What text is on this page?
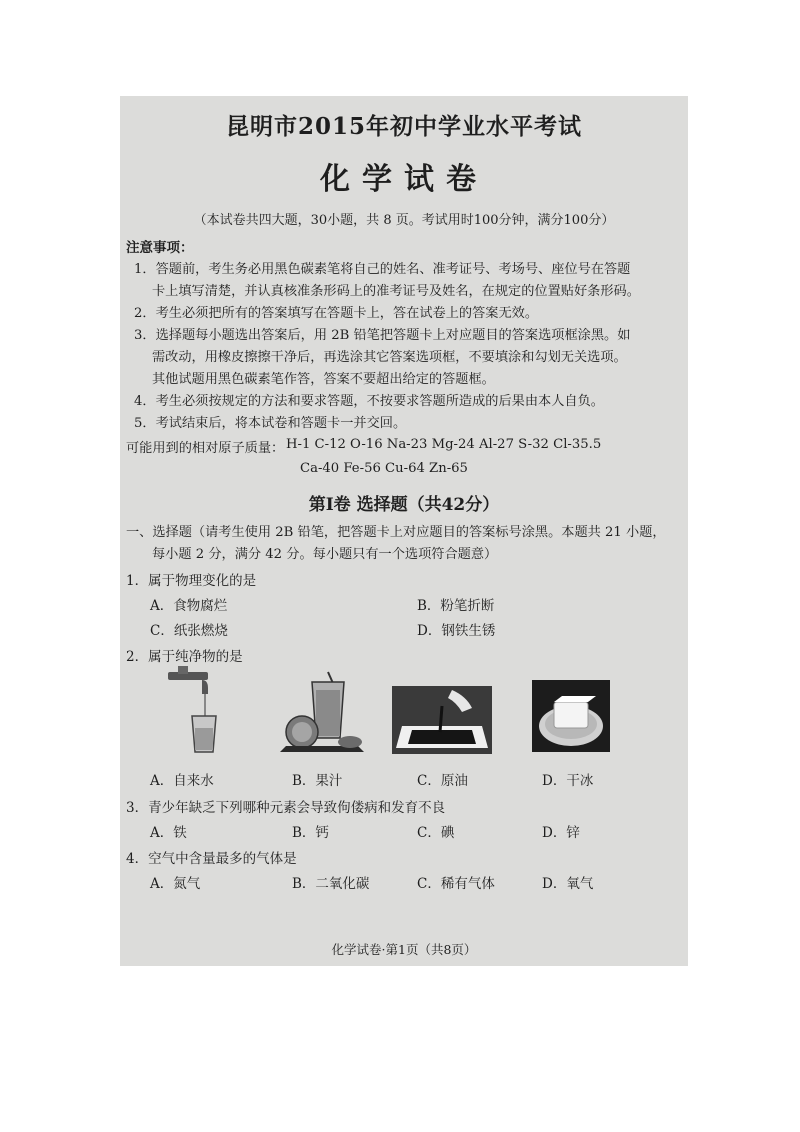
昆明市2015年初中学业水平考试
化学试卷
（本试卷共四大题，30小题，共 8 页。考试用时100分钟，满分100分）
注意事项：
1．答题前，考生务必用黑色碳素笔将自己的姓名、准考证号、考场号、座位号在答题
卡上填写清楚，并认真核准条形码上的准考证号及姓名，在规定的位置贴好条形码。
2．考生必须把所有的答案填写在答题卡上，答在试卷上的答案无效。
3．选择题每小题选出答案后，用 2B 铅笔把答题卡上对应题目的答案选项框涂黑。如
需改动，用橡皮擦擦干净后，再选涂其它答案选项框，不要填涂和勾划无关选项。
其他试题用黑色碳素笔作答，答案不要超出给定的答题框。
4．考生必须按规定的方法和要求答题，不按要求答题所造成的后果由本人自负。
5．考试结束后，将本试卷和答题卡一并交回。
可能用到的相对原子质量： H-1 C-12 O-16 Na-23 Mg-24 Al-27 S-32 Cl-35.5
Ca-40 Fe-56 Cu-64 Zn-65
第Ⅰ卷 选择题（共42分）
一、选择题（请考生使用 2B 铅笔，把答题卡上对应题目的答案标号涂黑。本题共 21 小题，
每小题 2 分，满分 42 分。每小题只有一个选项符合题意）
1．属于物理变化的是
A．食物腐烂	B．粉笔折断
C．纸张燃烧	D．钢铁生锈
2．属于纯净物的是
A．自来水	B．果汁	C．原油	D．干冰
3．青少年缺乏下列哪种元素会导致佝偻病和发育不良
A．铁	B．钙	C．碘	D．锌
4．空气中含量最多的气体是
A．氮气	B．二氧化碳	C．稀有气体	D．氧气
化学试卷·第1页（共8页）
